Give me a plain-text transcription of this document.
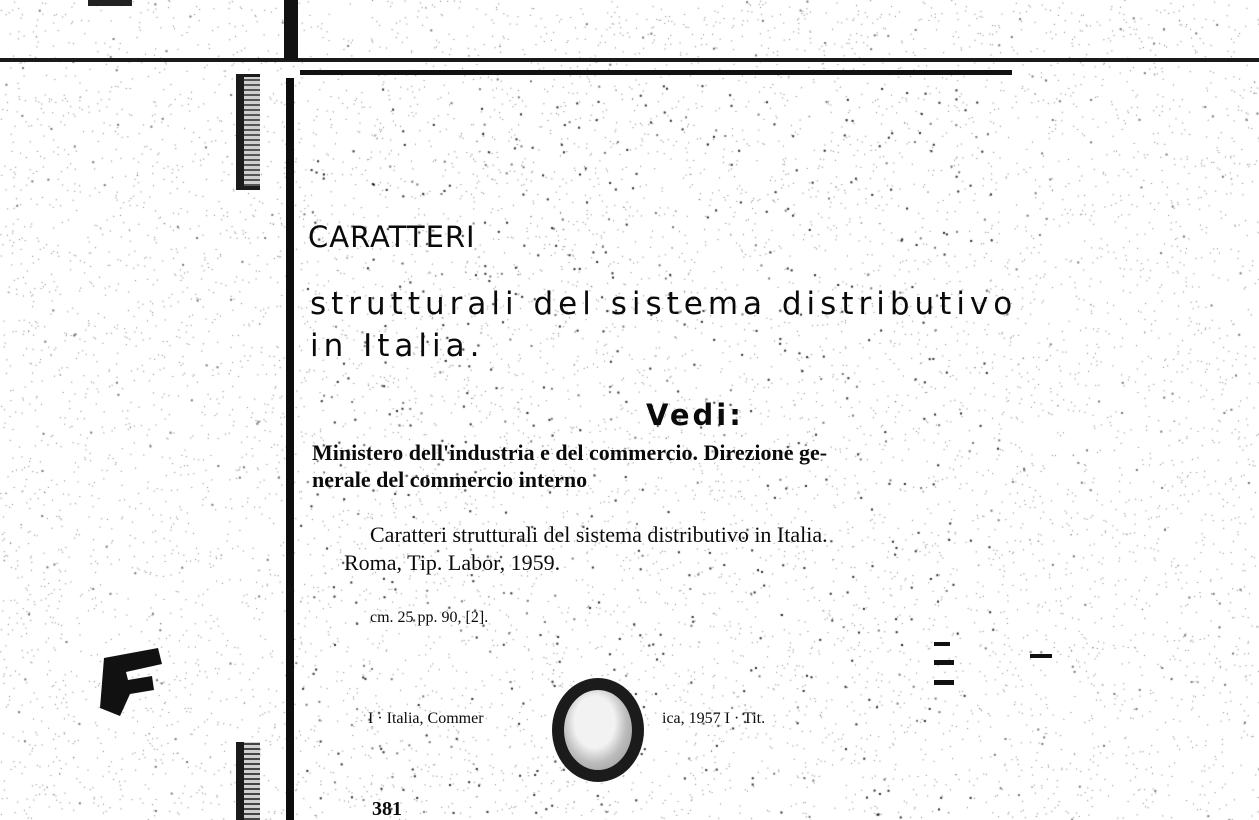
CARATTERI
strutturali del sistema distributivo
in Italia.
Vedi:
Ministero dell'industria e del commercio. Direzione ge-
nerale del commercio interno
Caratteri strutturali del sistema distributivo in Italia.
Roma, Tip. Labor, 1959.
cm. 25 pp. 90, [2].
I · Italia, Commer	ica, 1957 I · Tit.
381
